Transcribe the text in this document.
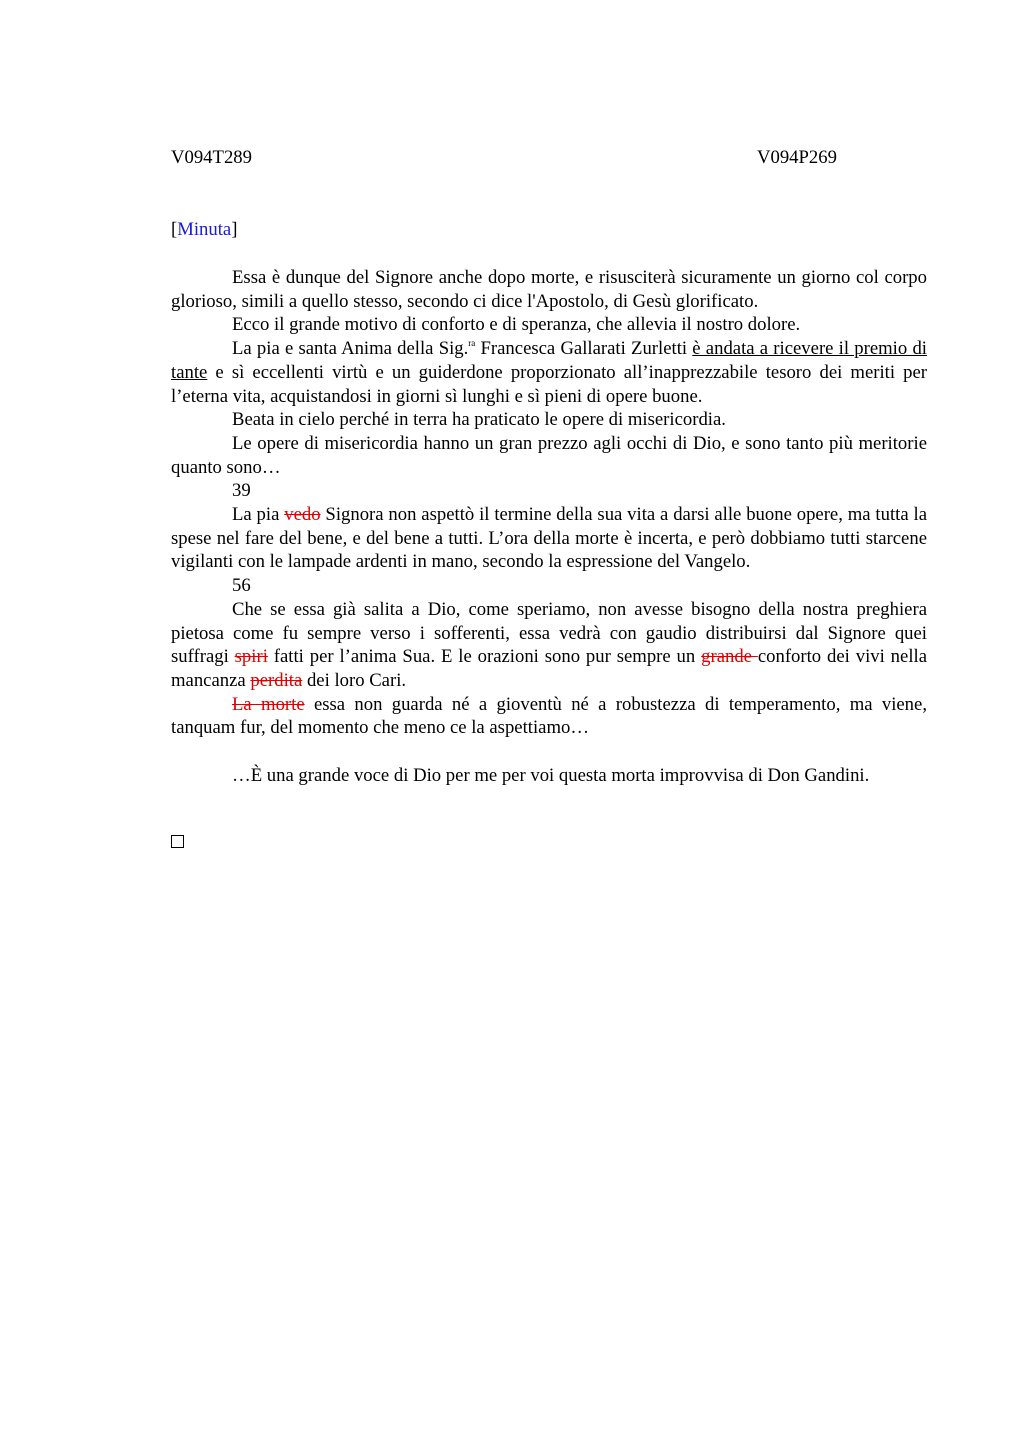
V094T289	V094P269
[Minuta]

Essa è dunque del Signore anche dopo morte, e risusciterà sicuramente un giorno col corpo glorioso, simili a quello stesso, secondo ci dice l'Apostolo, di Gesù glorificato.

Ecco il grande motivo di conforto e di speranza, che allevia il nostro dolore.

La pia e santa Anima della Sig.$^{ra}$ Francesca Gallarati Zurletti è andata a ricevere il premio di tante e sì eccellenti virtù e un guiderdone proporzionato all’inapprezzabile tesoro dei meriti per l’eterna vita, acquistandosi in giorni sì lunghi e sì pieni di opere buone.

Beata in cielo perché in terra ha praticato le opere di misericordia.

Le opere di misericordia hanno un gran prezzo agli occhi di Dio, e sono tanto più meritorie quanto sono…

39

La pia vedo Signora non aspettò il termine della sua vita a darsi alle buone opere, ma tutta la spese nel fare del bene, e del bene a tutti. L’ora della morte è incerta, e però dobbiamo tutti starcene vigilanti con le lampade ardenti in mano, secondo la espressione del Vangelo.

56

Che se essa già salita a Dio, come speriamo, non avesse bisogno della nostra preghiera pietosa come fu sempre verso i sofferenti, essa vedrà con gaudio distribuirsi dal Signore quei suffragi spiri fatti per l’anima Sua. E le orazioni sono pur sempre un grande conforto dei vivi nella mancanza perdita dei loro Cari.

La morte essa non guarda né a gioventù né a robustezza di temperamento, ma viene, tanquam fur, del momento che meno ce la aspettiamo…

…È una grande voce di Dio per me per voi questa morta improvvisa di Don Gandini.
